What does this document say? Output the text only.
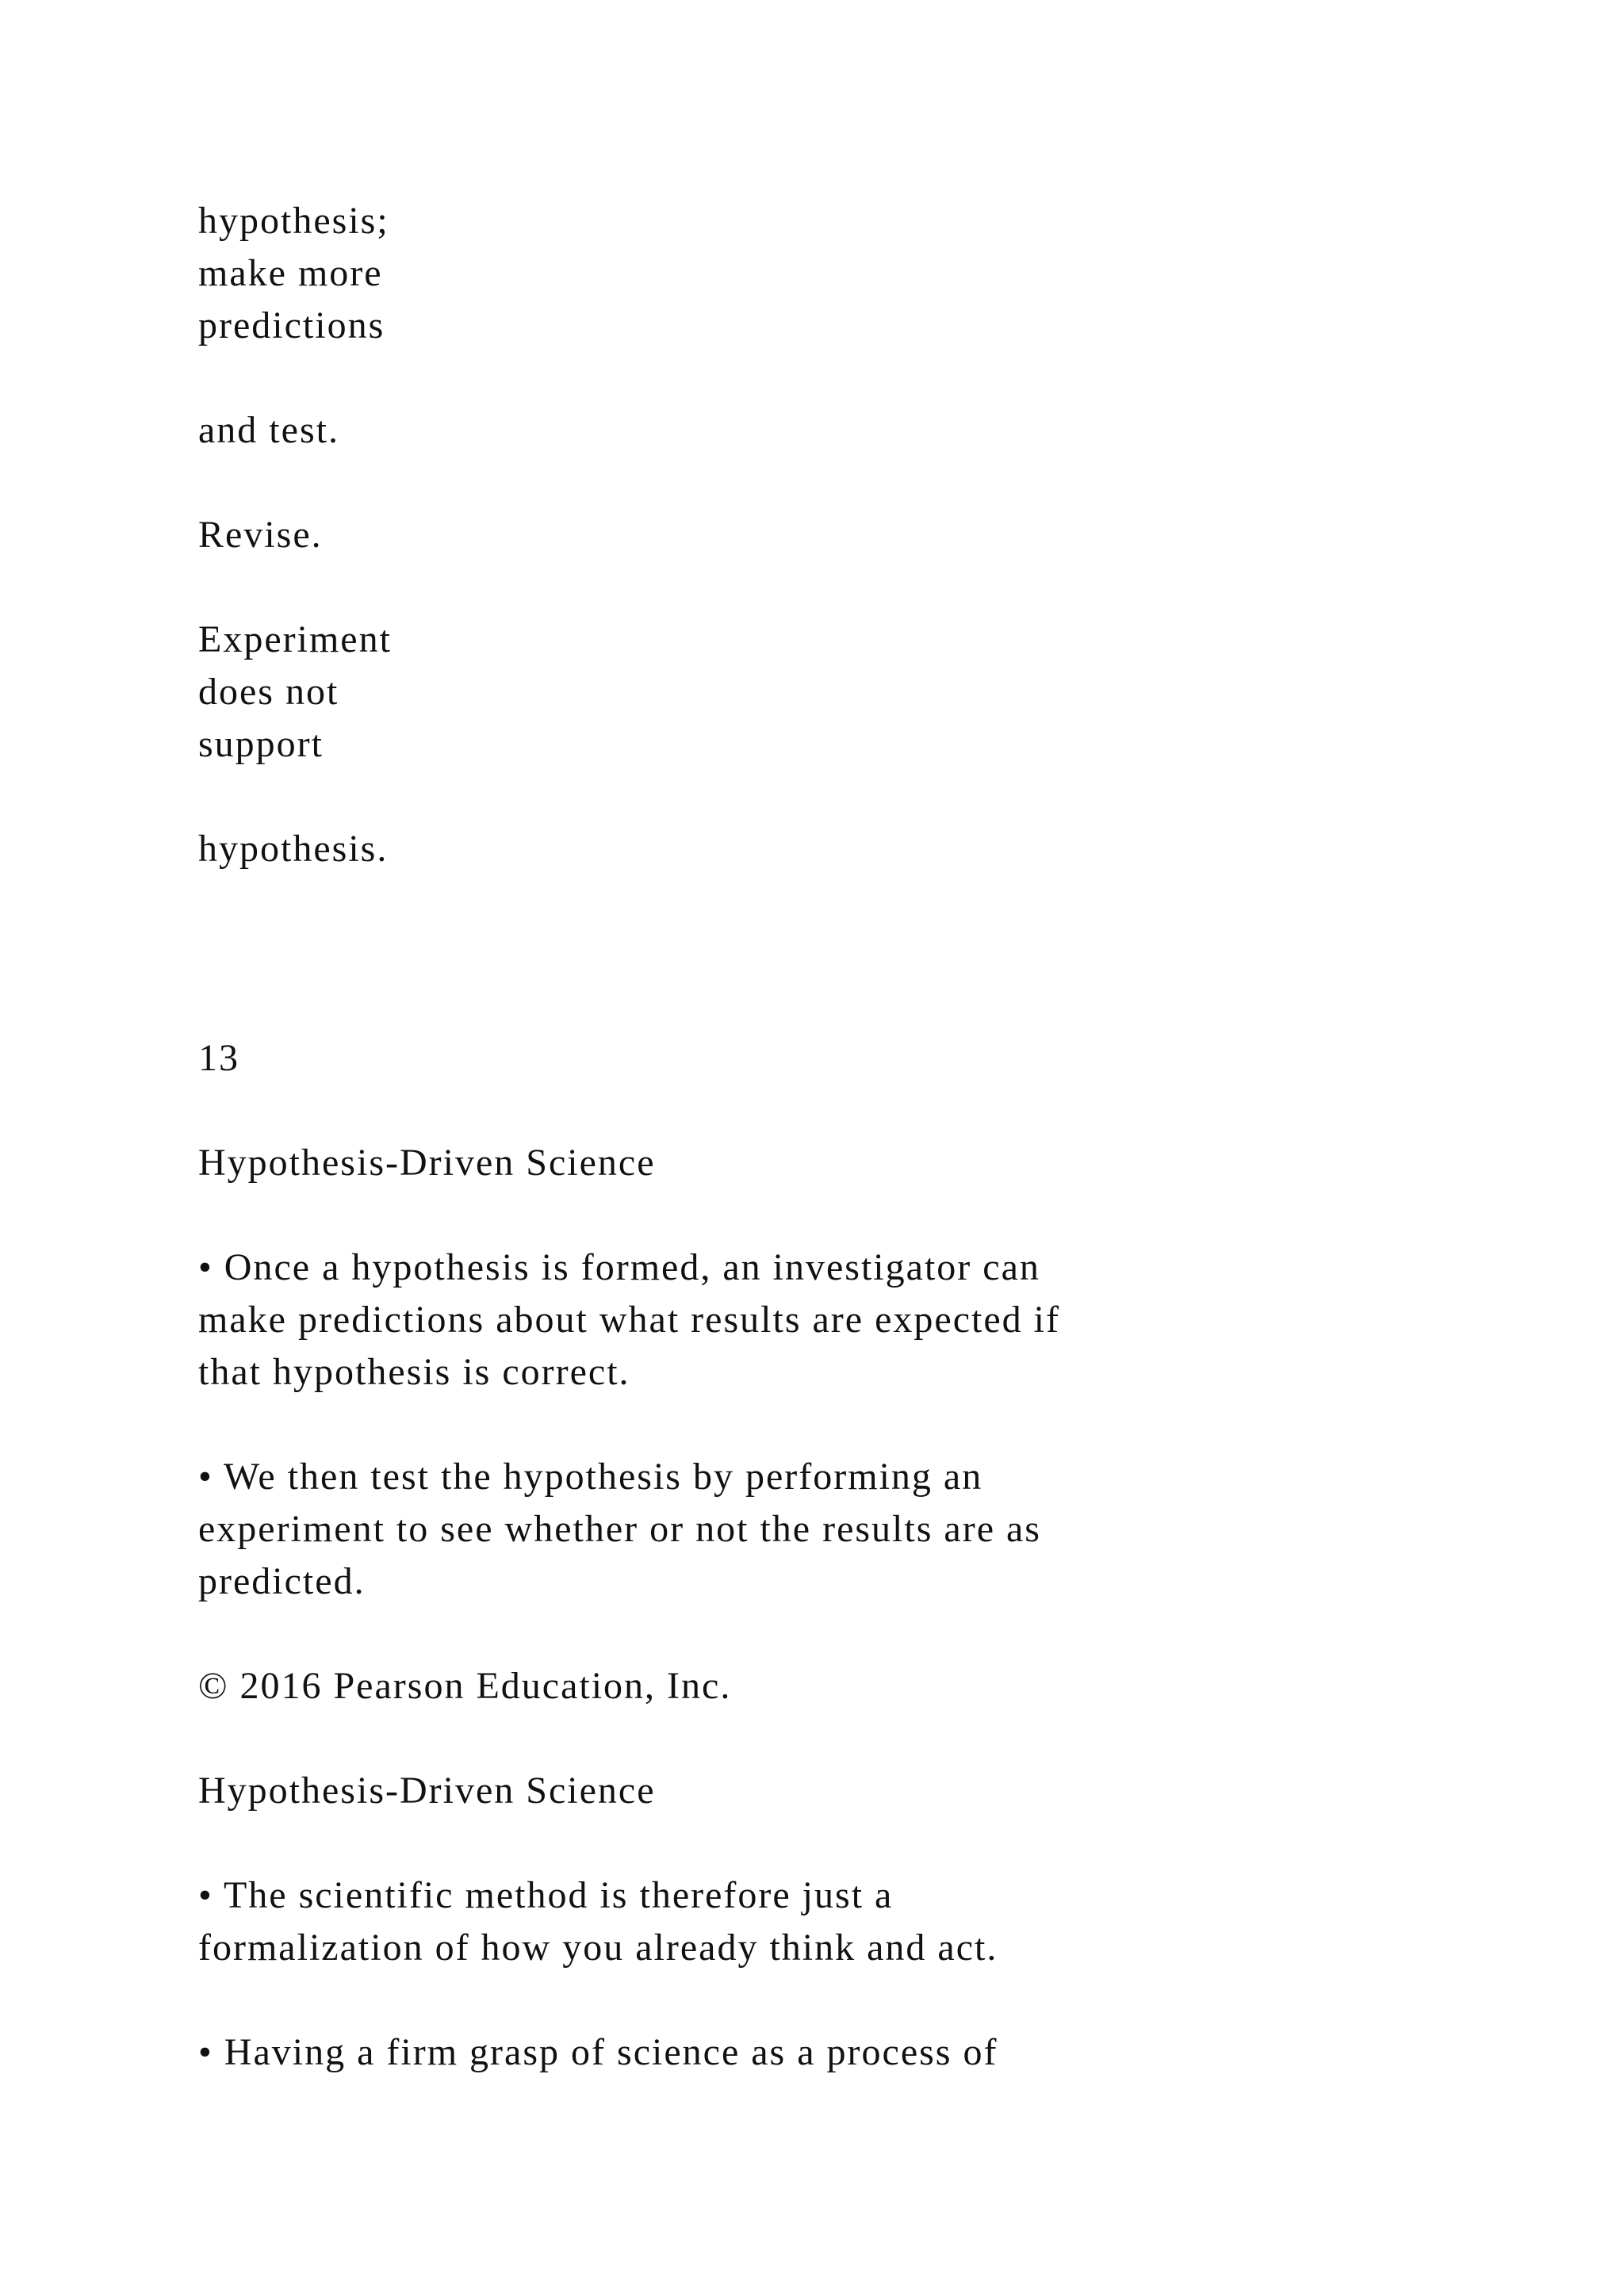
hypothesis;

make more

predictions

and test.

Revise.

Experiment

does not

support

hypothesis.

13

Hypothesis-Driven Science

• Once a hypothesis is formed, an investigator can

make predictions about what results are expected if

that hypothesis is correct.

• We then test the hypothesis by performing an

experiment to see whether or not the results are as

predicted.

© 2016 Pearson Education, Inc.

Hypothesis-Driven Science

• The scientific method is therefore just a

formalization of how you already think and act.

• Having a firm grasp of science as a process of
